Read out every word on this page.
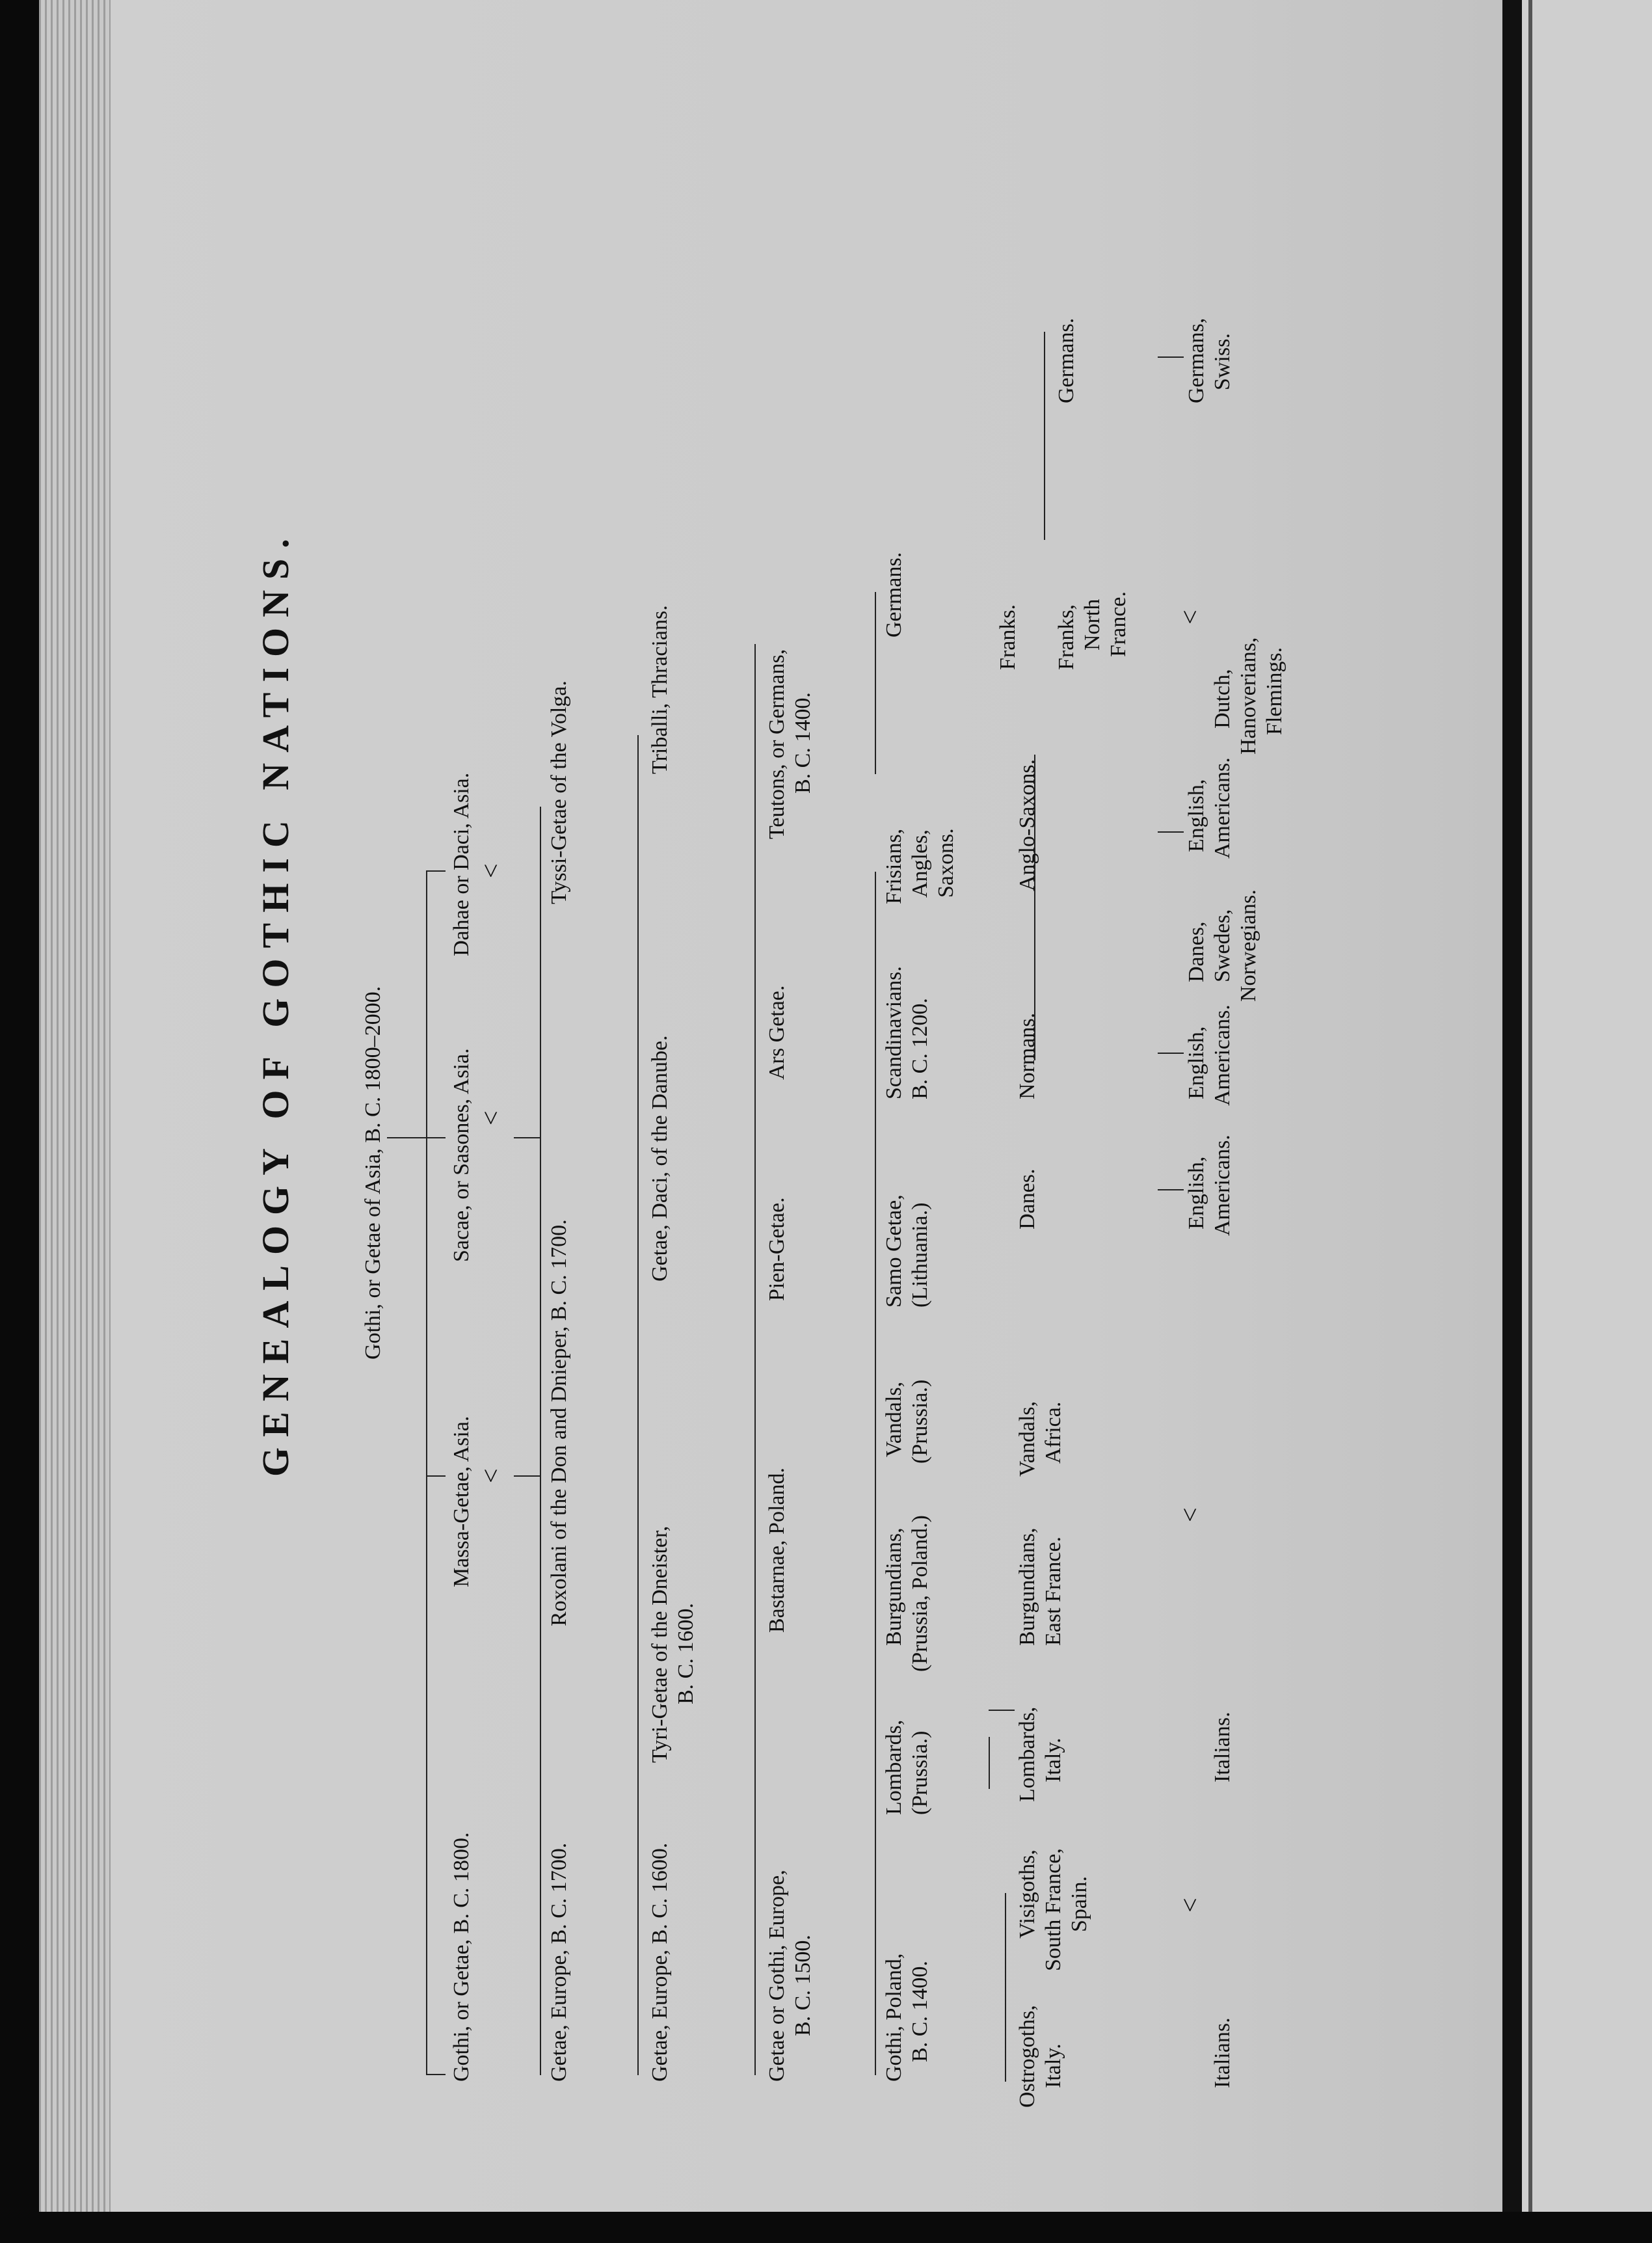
GENEALOGY OF GOTHIC NATIONS.	Gothi, or Getae of Asia, B. C. 1800–2000.
Gothi, or Getae, B. C. 1800.
Massa-Getae, Asia. <
Sacae, or Sasones, Asia. <
Dahae or Daci, Asia. <
Getae, Europe, B. C. 1700.
Roxolani of the Don and Dnieper, B. C. 1700.
Tyssi-Getae of the Volga.
Getae, Europe, B. C. 1600.
Tyri-Getae of the Dneister, B. C. 1600.
Getae, Daci, of the Danube.
Triballi, Thracians.
Getae or Gothi, Europe, B. C. 1500.
Bastarnae, Poland.
Pien-Getae.
Ars Getae.
Teutons, or Germans, B. C. 1400.
Gothi, Poland, B. C. 1400.
Lombards, (Prussia.)
Burgundians, (Prussia, Poland.)
Vandals, (Prussia.)
Samo Getae, (Lithuania.)
Scandinavians. B. C. 1200.
Frisians, Angles, Saxons.
Germans.
Ostrogoths, Italy.
Visigoths, South France, Spain.
Lombards, Italy.
Burgundians, East France.
Vandals, Africa.
Danes.
Normans.
Anglo-Saxons.
Franks. Franks, North France.
Germans.
<
<
<
Italians.
Italians.
English, Americans.
English, Americans.
Danes, Swedes, Norwegians.
English, Americans.
Dutch, Hanoverians, Flemings.
Germans, Swiss.
